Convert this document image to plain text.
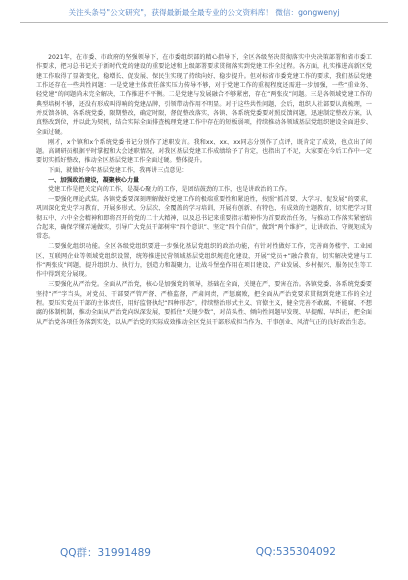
关注头条号"公文研究"，获得最新最全最专业的公文资料库！ 微信：gongwenyj

2021年，在市委、市政府的坚强领导下，在市委组织部的精心指导下，全区各级坚决贯彻落实中央决策部署和省市委工作要求，把习总书记关于新时代党的建设的重要论述和上级部署要求贯彻落实到党建工作全过程。各方面，扎实推进高新区党建工作取得了显著变化，稳增长、促发展、保民生实现了持续向好、稳步提升。但对标省市委党建工作的要求，我们基层党建工作还存在一些共性问题：一是党建主体责任落实压力传导不够，对于党建工作的重视程度还需进一步加强，一些“重业务、轻党建”的问题尚未完全解决，工作推进不平衡。二是党建与发展融合不够紧密，存在“两张皮”问题。三是各领域党建工作的典型培树不够，还没有形成叫得响的党建品牌，引领带动作用不明显。对于这些共性问题，会后，组织人社部要认真梳理，一并反馈各镇、各系统党委，限期整改，确定时限，督促整改落实，各镇、各系统党委要对照反馈问题，迅速制定整改方案，认真整改到位，并以此为契机，结合实际全面排查梳理党建工作中存在的短板弱项，持续推动各领域基层党组织建设全面进步、全面过硬。

刚才，x个镇和x个系统党委书记分别作了述职发言。我和xx、xx、xx同志分别作了点评，既肯定了成效，也点出了问题。高调研员根据平时掌握和大会述职情况，对我区基层党建工作成绩给予了肯定，也指出了不足，大家要在今后工作中一定要切实抓好整改，推动全区基层党建工作全面过硬。整体提升。

下面，就做好今年基层党建工作，我再讲三点意见：

一、加强政治建设，凝聚核心力量

党建工作是把关定向的工作，是凝心聚力的工作，是团结鼓劲的工作，也是讲政治的工作。

一要强化理论武装。各镇党委要深刻理解做好党建工作的极端重要性和紧迫性，按照“抓首要、大学习、促发展”的要求，巩固深化党史学习教育，开展多形式、分层次、全覆盖的学习培训，开展有创新、有特色、有成效的主题教育，切实把学习贯彻五中、六中全会精神和即将召开的党的二十大精神，以及总书记来重要指示精神作为首要政治任务，与推动工作落实紧密结合起来，确保学懂弄通做实，引导广大党员干部树牢“四个意识”、坚定“四个自信”，做到“两个维护”，让讲政治、守规矩成为常态。

二要强化组织功能。全区各级党组织要进一步强化基层党组织的政治功能，有针对性做好工作，完善商务楼宇、工业园区、互联网企业等领域党组织设置，统筹推进民营领域基层党组织规范化建设，开展“党员+”融合教育，切实解决党建与工作“两张皮”问题，提升组织力、执行力，创造力和凝聚力，让战斗堡垒作用在项目建设、产业发展、乡村振兴、服务民生等工作中得到充分展现。

三要强化从严治党。全面从严治党，核心是加强党的领导，基础在全面，关键在严，要害在治。各镇党委、各系统党委要坚持“严”字当头，对党员、干部要严管严督、严格监督，严肃问责，严惩腐败，把全面从严治党要求贯彻到党建工作的全过程。要压实党员干部的主体责任，用好监督执纪“四种形态”，持续整治形式主义、官僚主义，健全完善不敢腐、不能腐、不想腐的体制机制，推动全面从严治党向纵深发展，要抓住“关键少数”，对苗头性、倾向性问题早发现、早提醒、早纠正，把全面从严治党各项任务落到实处，以从严治党的实际成效推动全区党员干部形成担当作为、干事创业、风清气正的良好政治生态。

QQ群：31991489	QQ:535304092
